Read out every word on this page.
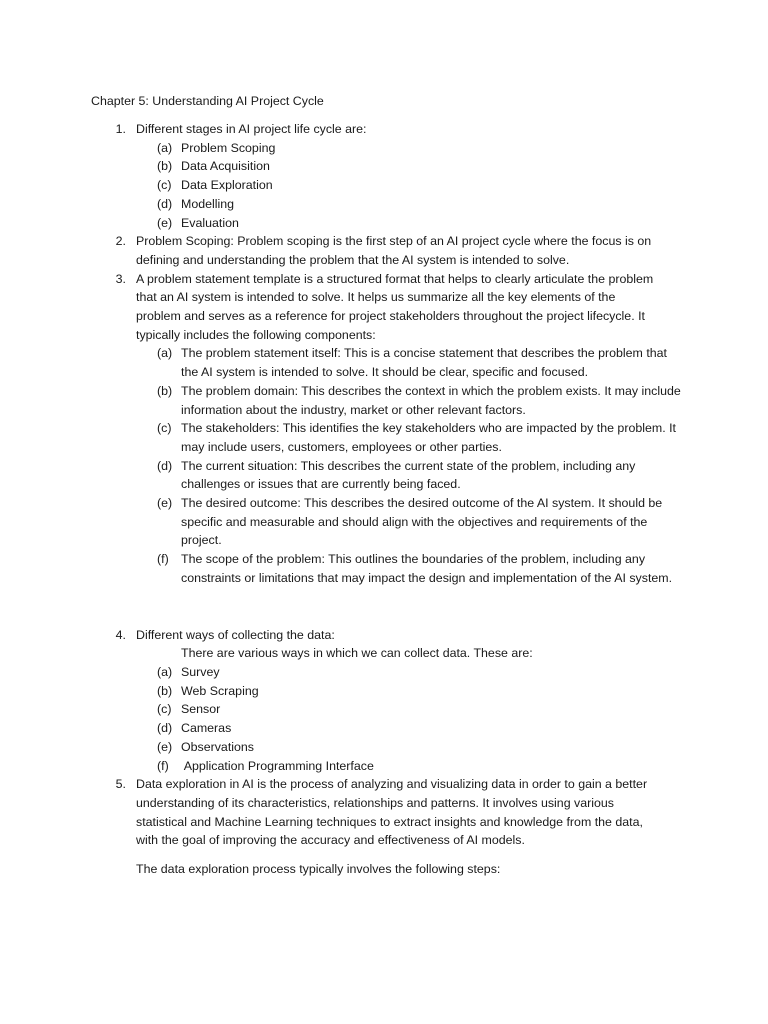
Chapter 5: Understanding AI Project Cycle
1. Different stages in AI project life cycle are:
(a) Problem Scoping
(b) Data Acquisition
(c) Data Exploration
(d) Modelling
(e) Evaluation
2. Problem Scoping: Problem scoping is the first step of an AI project cycle where the focus is on defining and understanding the problem that the AI system is intended to solve.
3. A problem statement template is a structured format that helps to clearly articulate the problem that an AI system is intended to solve. It helps us summarize all the key elements of the problem and serves as a reference for project stakeholders throughout the project lifecycle. It typically includes the following components:
(a) The problem statement itself: This is a concise statement that describes the problem that the AI system is intended to solve. It should be clear, specific and focused.
(b) The problem domain: This describes the context in which the problem exists. It may include information about the industry, market or other relevant factors.
(c) The stakeholders: This identifies the key stakeholders who are impacted by the problem. It may include users, customers, employees or other parties.
(d) The current situation: This describes the current state of the problem, including any challenges or issues that are currently being faced.
(e) The desired outcome: This describes the desired outcome of the AI system. It should be specific and measurable and should align with the objectives and requirements of the project.
(f) The scope of the problem: This outlines the boundaries of the problem, including any constraints or limitations that may impact the design and implementation of the AI system.
4. Different ways of collecting the data:
There are various ways in which we can collect data. These are:
(a) Survey
(b) Web Scraping
(c) Sensor
(d) Cameras
(e) Observations
(f) Application Programming Interface
5. Data exploration in AI is the process of analyzing and visualizing data in order to gain a better understanding of its characteristics, relationships and patterns. It involves using various statistical and Machine Learning techniques to extract insights and knowledge from the data, with the goal of improving the accuracy and effectiveness of AI models.
The data exploration process typically involves the following steps:
